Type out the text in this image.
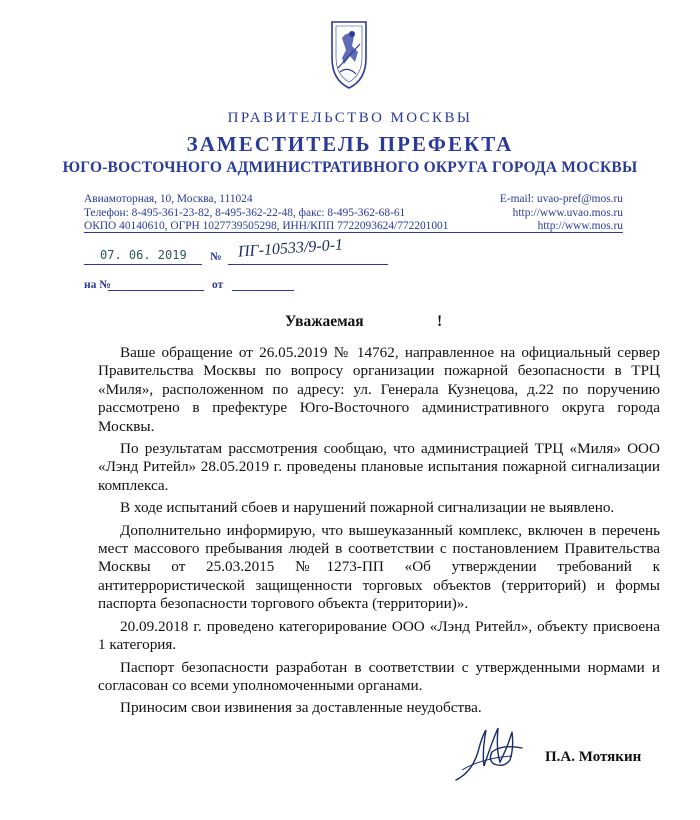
ПРАВИТЕЛЬСТВО МОСКВЫ
ЗАМЕСТИТЕЛЬ ПРЕФЕКТА
ЮГО-ВОСТОЧНОГО АДМИНИСТРАТИВНОГО ОКРУГА ГОРОДА МОСКВЫ
Авиамоторная, 10, Москва, 111024
Телефон: 8-495-361-23-82, 8-495-362-22-48, факс: 8-495-362-68-61
ОКПО 40140610, ОГРН 1027739505298, ИНН/КПП 7722093624/772201001
E-mail: uvao-pref@mos.ru
http://www.uvao.mos.ru
http://www.mos.ru
07. 06. 2019 № ПГ-10533/9-0-1
на №	от
Уважаемая	!

Ваше обращение от 26.05.2019 № 14762, направленное на официальный сервер Правительства Москвы по вопросу организации пожарной безопасности в ТРЦ «Миля», расположенном по адресу: ул. Генерала Кузнецова, д.22 по поручению рассмотрено в префектуре Юго-Восточного административного округа города Москвы.

По результатам рассмотрения сообщаю, что администрацией ТРЦ «Миля» ООО «Лэнд Ритейл» 28.05.2019 г. проведены плановые испытания пожарной сигнализации комплекса.

В ходе испытаний сбоев и нарушений пожарной сигнализации не выявлено.

Дополнительно информирую, что вышеуказанный комплекс, включен в перечень мест массового пребывания людей в соответствии с постановлением Правительства Москвы от 25.03.2015 №1273-ПП «Об утверждении требований к антитеррористической защищенности торговых объектов (территорий) и формы паспорта безопасности торгового объекта (территории)».

20.09.2018 г. проведено категорирование ООО «Лэнд Ритейл», объекту присвоена 1 категория.

Паспорт безопасности разработан в соответствии с утвержденными нормами и согласован со всеми уполномоченными органами.

Приносим свои извинения за доставленные неудобства.

П.А. Мотякин
